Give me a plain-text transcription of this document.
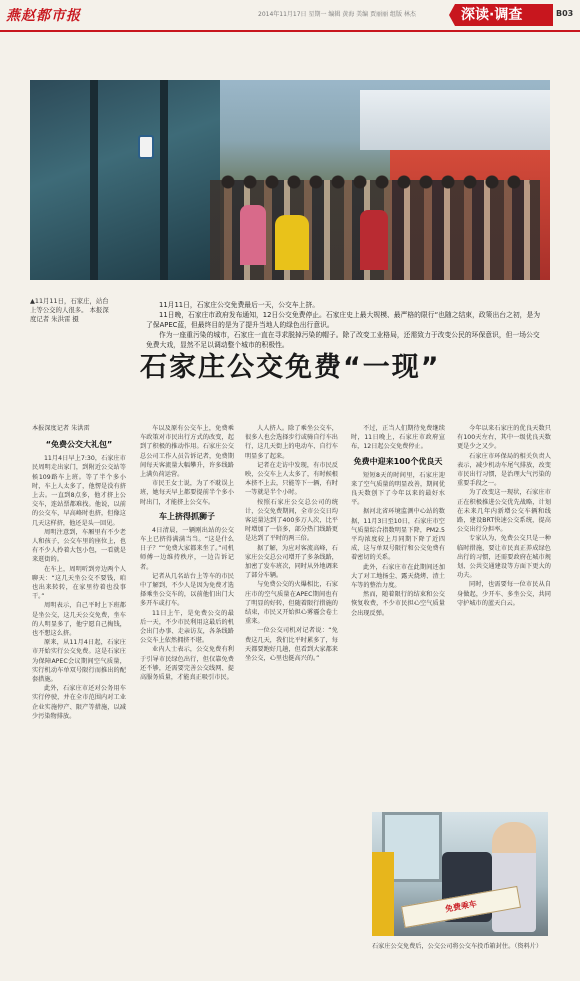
燕赵都市报	2014年11月17日 星期一 编辑 黄海 美编 贾丽丽 组版 林杰	深读·调查	B03
▲11月11日，石家庄，站台上等公交的人很多。 本报深度记者 朱洪雷 摄

11月11日，石家庄公交免费最后一天，公交车上挤。

11日晚，石家庄市政府发布通知，12日公交免费停止。石家庄史上最大规模、最严格的限行“也随之结束，政策出台之初，是为了保APEC蓝，但最终目的是为了提升当地人的绿色出行意识。

作为一座重污染的城市，石家庄一直在寻求脱掉污染的帽子。除了改变工业格局，还需致力于改变公民的环保意识，但一场公交免费大戏，显然不足以调动整个城市的积极性。

石家庄公交免费“一现”
本报深度记者 朱洪雷
“免费公交大礼包”

11月4日早上7:30，石家庄市民周明走出家门，到附近公交站等候109路车上班。等了半个多小时，车上人太多了，他愣是没有挤上去。一直到8点多，他才挤上公交车，连站票都难找。他说，以前的公交车，早高峰时也挤，但像这几天这样挤，他还是头一回见。

周明注意到，车厢里有不少老人和孩子，公交车里的座位上，也有不少人拎着大包小包，一看就是来逛街的。

在车上，周明听到旁边两个人聊天：“这几天坐公交不要钱，咱也出来转转，在家里待着也没事干。”

周明表示，自己平时上下班都是坐公交，这几天公交免费，坐车的人明显多了，他宁愿自己掏钱，也不想这么挤。

原来，从11月4日起，石家庄市开始实行公交免费。这是石家庄为保障APEC会议期间空气质量，实行机动车单双号限行而推出的配套措施。

此外，石家庄市还对公务用车实行停驶，并在全市范围内对工业企业实施停产、限产等措施，以减少污染物排放。

车以及原有公交车上，免费乘车政策对市民出行方式的改变，起到了积极的推动作用。石家庄公交总公司工作人员告诉记者，免费期间每天客流量大幅攀升，许多线路上满负荷运营。

市民王女士说，为了不耽误上班，她每天早上都要提前半个多小时出门，才能挤上公交车。

车上挤得抓狮子

4日清晨，一辆刚出站的公交车上已挤得满满当当。“这是什么日子？”“免费大家都来坐了。”司机师傅一边维持秩序，一边告诉记者。

记者从几名站台上等车的市民中了解到，不少人是因为免费才选择乘坐公交车的，以前他们出门大多开车或打车。

11日上午，是免费公交的最后一天，不少市民利用这最后的机会出门办事、走亲访友，各条线路公交车上依然拥挤不堪。

业内人士表示，公交免费有利于引导市民绿色出行，但仅靠免费还不够，还需要完善公交线网、提高服务质量，才能真正吸引市民。

人人挤人。除了乘坐公交车，很多人也会选择步行或骑自行车出行，这几天街上的电动车、自行车明显多了起来。

记者在走访中发现，有市民反映，公交车上人太多了，有时候根本挤不上去，只能等下一辆，有时一等就是半个小时。

按照石家庄公交总公司的统计，公交免费期间，全市公交日均客运量达到了400多万人次，比平时增加了一倍多，部分热门线路更是达到了平时的两三倍。

据了解，为应对客流高峰，石家庄公交总公司增开了多条线路，加密了发车班次，同时从外地调来了部分车辆。

与免费公交的火爆相比，石家庄市的空气质量在APEC期间也有了明显的好转，但随着限行措施的结束，市民又开始担心雾霾会卷土重来。

一位公交司机对记者说：“免费这几天，我们比平时累多了，每天都要跑好几趟，但看到大家都来坐公交，心里也挺高兴的。”

不过，正当人们期待免费继续时，11日晚上，石家庄市政府宣布，12日起公交免费停止。

免费中迎来100个优良天

短短8天的时间里，石家庄迎来了空气质量的明显改善，期间优良天数创下了今年以来的最好水平。

据河北省环境监测中心站的数据，11月3日至10日，石家庄市空气质量综合指数明显下降，PM2.5平均浓度较上月同期下降了近四成，这与单双号限行和公交免费有着密切的关系。

此外，石家庄市在此期间还加大了对工地扬尘、露天烧烤、渣土车等的整治力度。

然而，随着限行的结束和公交恢复收费，不少市民担心空气质量会出现反弹。

今年以来石家庄的优良天数只有100天左右，其中一级优良天数更是少之又少。

石家庄市环保局的相关负责人表示，减少机动车尾气排放，改变市民出行习惯，是治理大气污染的重要手段之一。

为了改变这一现状，石家庄市正在积极推进公交优先战略，计划在未来几年内新增公交车辆和线路，建设BRT快速公交系统，提高公交出行分担率。

专家认为，免费公交只是一种临时措施，要让市民真正养成绿色出行的习惯，还需要政府在城市规划、公共交通建设等方面下更大的功夫。

同时，也需要每一位市民从自身做起，少开车、多坐公交，共同守护城市的蓝天白云。

免费乘车
石家庄公交免费后，公交公司将公交车投币箱封住。（资料片）
